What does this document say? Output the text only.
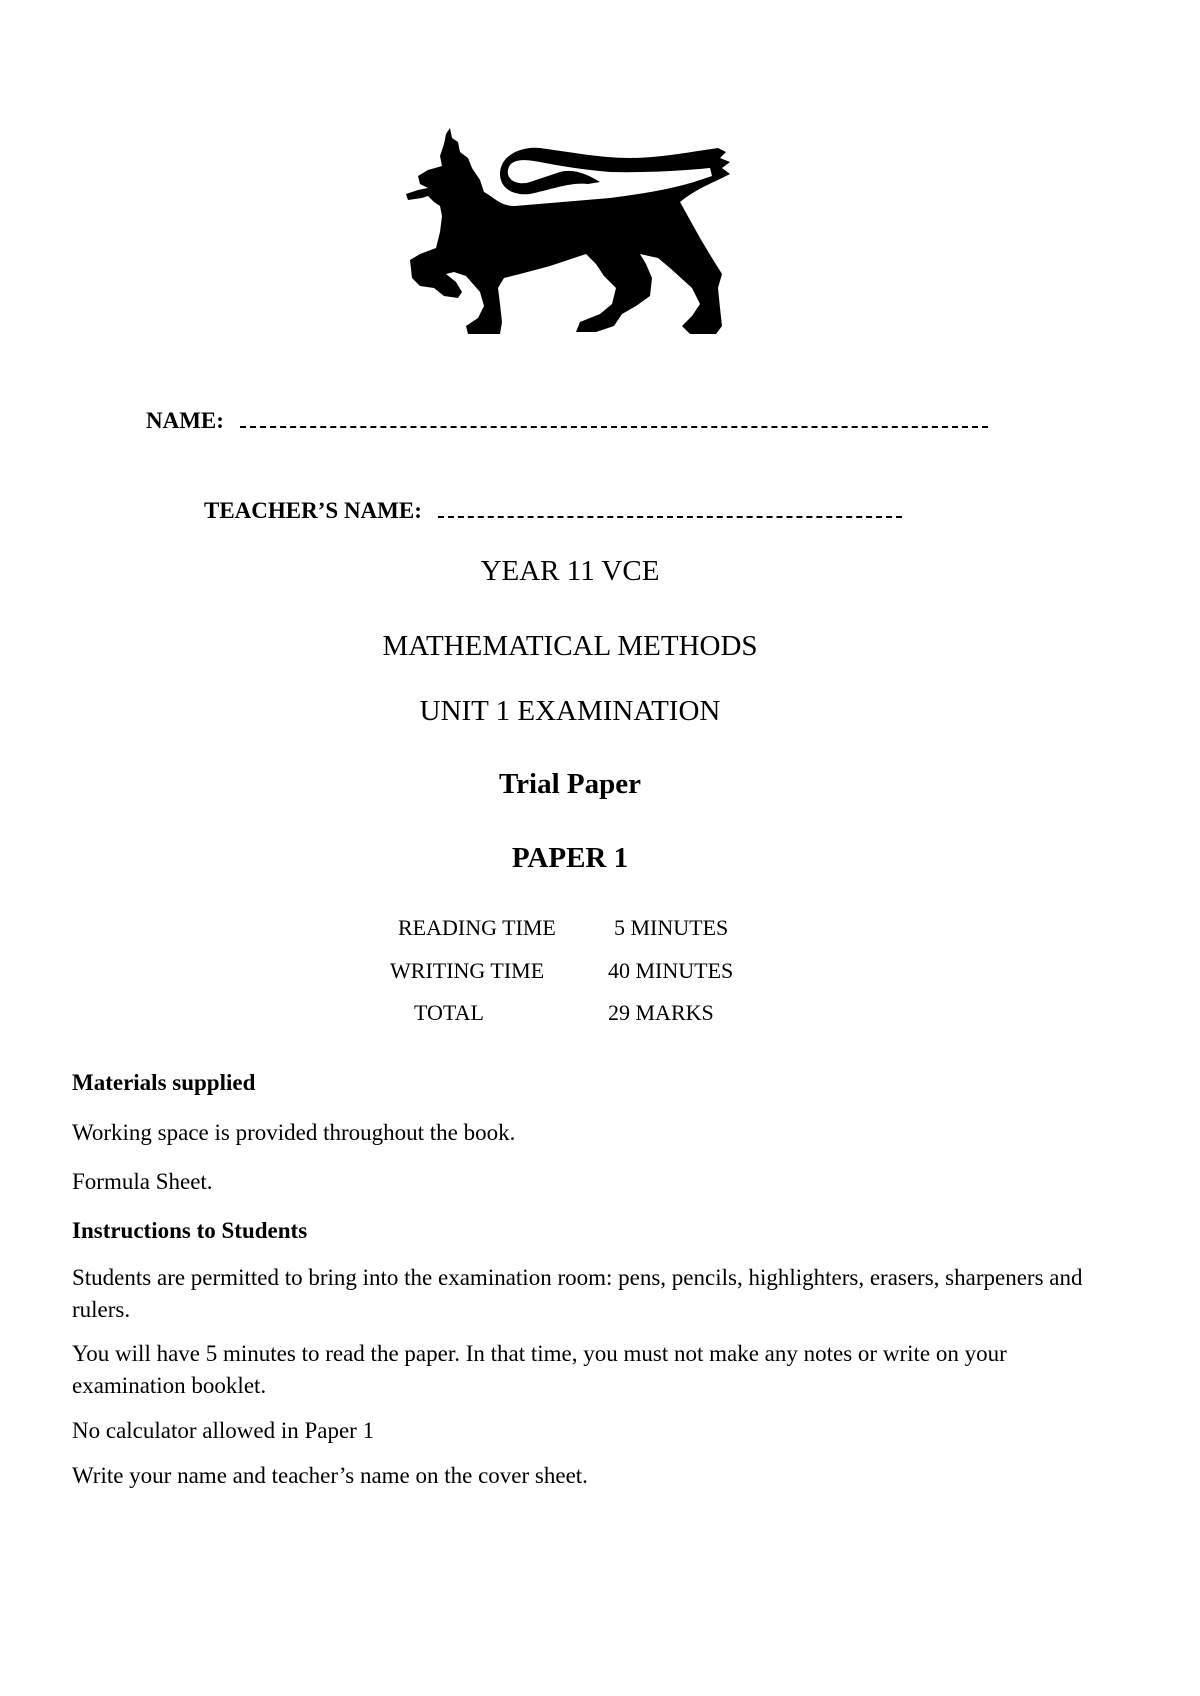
NAME:
TEACHER’S NAME:
YEAR 11 VCE
MATHEMATICAL METHODS
UNIT 1 EXAMINATION
Trial Paper
PAPER 1
READING TIME	5 MINUTES
WRITING TIME	40 MINUTES
TOTAL	29 MARKS
Materials supplied
Working space is provided throughout the book.
Formula Sheet.
Instructions to Students
Students are permitted to bring into the examination room: pens, pencils, highlighters, erasers, sharpeners and rulers.
You will have 5 minutes to read the paper. In that time, you must not make any notes or write on your examination booklet.
No calculator allowed in Paper 1
Write your name and teacher’s name on the cover sheet.
